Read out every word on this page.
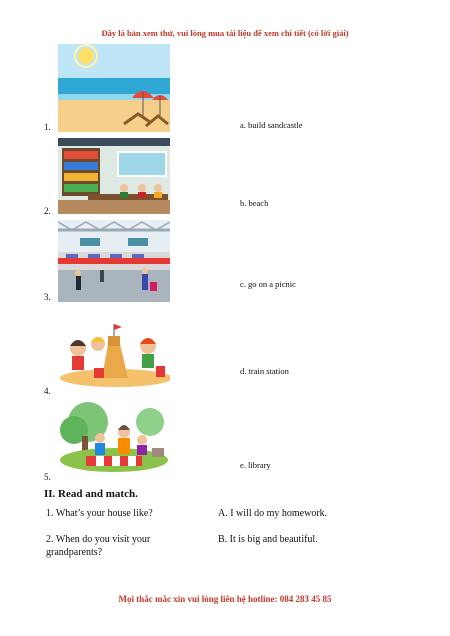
Đây là bản xem thử, vui lòng mua tài liệu để xem chi tiết (có lời giải)
1.	a. build sandcastle
2.
b. beach
3.
c. go on a picnic
4.
d. train station
5.
e. library
II. Read and match.
1. What’s your house like?	A. I will do my homework.
2. When do you visit your grandparents?
B. It is big and beautiful.
Mọi thắc mắc xin vui lòng liên hệ hotline: 084 283 45 85
